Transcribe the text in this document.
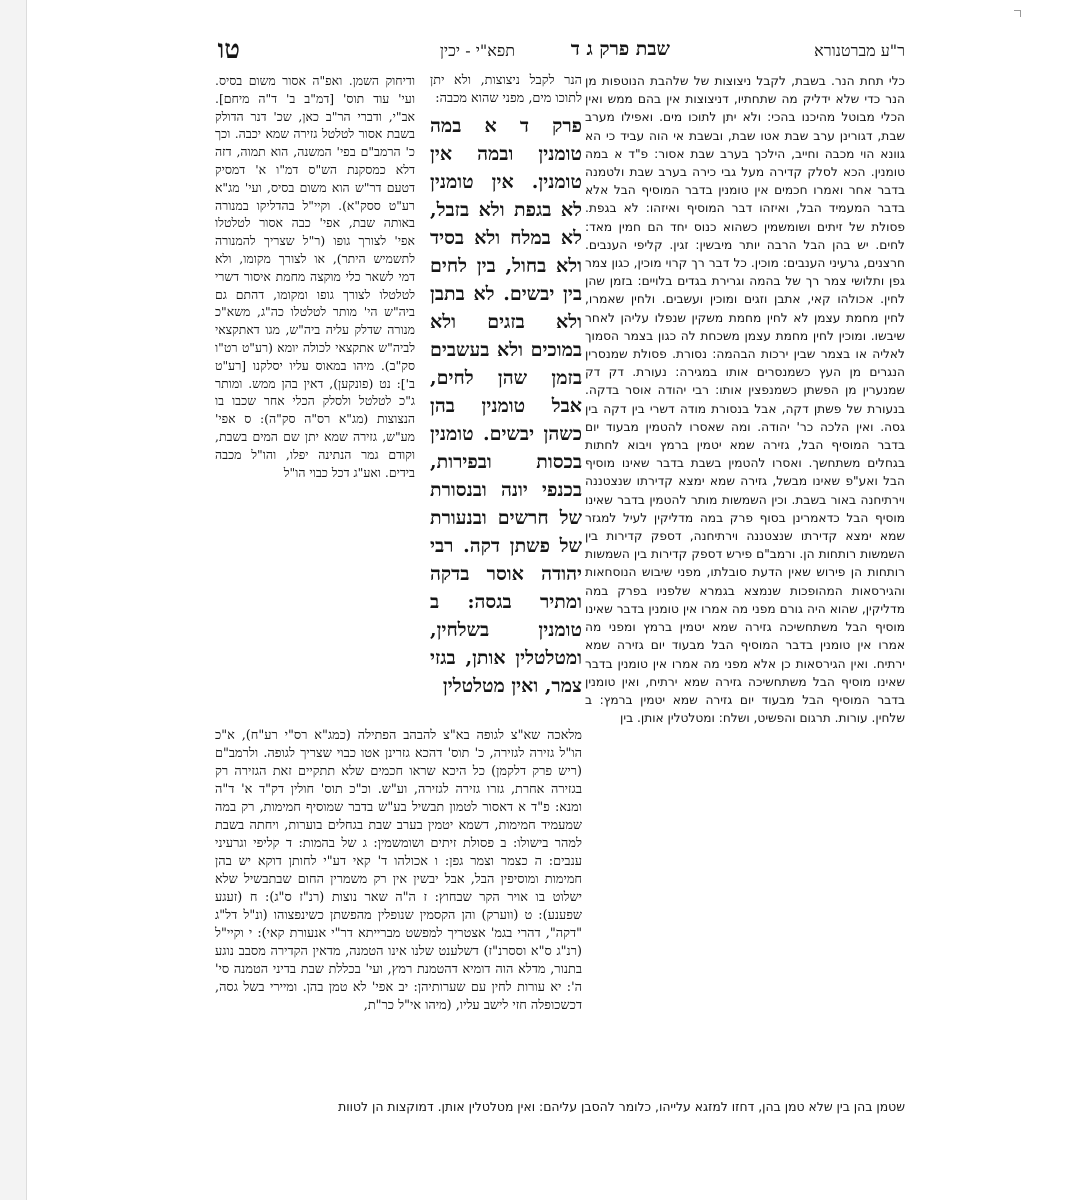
ר"ע מברטנורא
שבת פרק ג ד
תפא"י - יכין
טו

כלי תחת הנר. בשבת, לקבל ניצוצות של שלהבת הנוטפות מן הנר כדי שלא ידליק מה שתחתיו, דניצוצות אין בהם ממש ואין הכלי מבוטל מהיכנו בהכי: ולא יתן לתוכו מים. ואפילו מערב שבת, דגורינן ערב שבת אטו שבת, ובשבת אי הוה עביד כי הא גוונא הוי מכבה וחייב, הילכך בערב שבת אסור: פ"ד א במה טומנין. הכא לסלק קדירה מעל גבי כירה בערב שבת ולטמנה בדבר אחר ואמרו חכמים אין טומנין בדבר המוסיף הבל אלא בדבר המעמיד הבל, ואיזהו דבר המוסיף ואיזהו: לא בגפת. פסולת של זיתים ושומשמין כשהוא כנוס יחד הם חמין מאד: לחים. יש בהן הבל הרבה יותר מיבשין: זגין. קליפי הענבים. חרצנים, גרעיני הענבים: מוכין. כל דבר רך קרוי מוכין, כגון צמר גפן ותלושי צמר רך של בהמה וגרירת בגדים בלויים: בזמן שהן לחין. אכולהו קאי, אתבן וזגים ומוכין ועשבים. ולחין שאמרו, לחין מחמת עצמן לא לחין מחמת משקין שנפלו עליהן לאחר שיבשו. ומוכין לחין מחמת עצמן משכחת לה כגון בצמר הסמוך לאליה או בצמר שבין ירכות הבהמה: נסורת. פסולת שמנסרין הנגרים מן העץ כשמנסרים אותו במגירה: נעורת. דק דק שמנערין מן הפשתן כשמנפצין אותו: רבי יהודה אוסר בדקה. בנעורת של פשתן דקה, אבל בנסורת מודה דשרי בין דקה בין גסה. ואין הלכה כר' יהודה. ומה שאסרו להטמין מבעוד יום בדבר המוסיף הבל, גזירה שמא יטמין ברמץ ויבוא לחתות בגחלים משתחשך. ואסרו להטמין בשבת בדבר שאינו מוסיף הבל ואע"פ שאינו מבשל, גזירה שמא ימצא קדירתו שנצטננה וירתיחנה באור בשבת. וכין השמשות מותר להטמין בדבר שאינו מוסיף הבל כדאמרינן בסוף פרק במה מדליקין לעיל למגזר שמא ימצא קדירתו שנצטננה וירתיחנה, דספק קדירות בין השמשות רותחות הן. ורמב"ם פירש דספק קדירות בין השמשות רותחות הן פירוש שאין הדעת סובלתו, מפני שיבוש הנוסחאות והגירסאות המהופכות שנמצא בגמרא שלפניו בפרק במה מדליקין, שהוא היה גורם מפני מה אמרו אין טומנין בדבר שאינו מוסיף הבל משתחשיכה גזירה שמא יטמין ברמץ ומפני מה אמרו אין טומנין בדבר המוסיף הבל מבעוד יום גזירה שמא ירתיח. ואין הגירסאות כן אלא מפני מה אמרו אין טומנין בדבר שאינו מוסיף הבל משתחשיכה גזירה שמא ירתיח, ואין טומנין בדבר המוסיף הבל מבעוד יום גזירה שמא יטמין ברמץ: ב שלחין. עורות. תרגום והפשיט, ושלח: ומטלטלין אותן. בין

הנר לקבל ניצוצות, ולא יתן לתוכו מים, מפני שהוא מכבה:

פרק ד א במה טומנין ובמה אין טומנין. אין טומנין לא בגפת ולא בזבל, לא במלח ולא בסיד ולא בחול, בין לחים בין יבשים. לא בתבן ולא בזגים ולא במוכים ולא בעשבים בזמן שהן לחים, אבל טומנין בהן כשהן יבשים. טומנין בכסות ובפירות, בכנפי יונה ובנסורת של חרשים ובנעורת של פשתן דקה. רבי יהודה אוסר בדקה ומתיר בגסה: ב טומנין בשלחין, ומטלטלין אותן, בגזי צמר, ואין מטלטלין

ודיחוק השמן. ואפ"ה אסור משום בסיס. ועי' עוד תוס' [דמ"ב ב' ד"ה מיחם]. אב"י, ודברי הר"ב כאן, שכ' דנר הדולק בשבת אסור לטלטל גזירה שמא יכבה. וכך כ' הרמב"ם בפי' המשנה, הוא תמוה, דזה דלא כמסקנת הש"ס דמ"ו א' דמסיק דטעם דר"ש הוא משום בסיס, ועי' מג"א רע"ט ססק"א). וקיי"ל בהדליקו במנורה באותה שבת, אפי' כבה אסור לטלטלו אפי' לצורך גופו (ר"ל שצריך להמנורה לתשמיש היתר), או לצורך מקומו, ולא דמי לשאר כלי מוקצה מחמת איסור דשרי לטלטלו לצורך גופו ומקומו, דהתם גם ביה"ש הי' מותר לטלטלו כה"ג, משא"כ מנורה שדלק עליה ביה"ש, מגו דאתקצאי לביה"ש אתקצאי לכולה יומא (רע"ט רט"ו סק"ב). מיהו במאוס עליו יסלקנו [רע"ט ב']: נט (פונקען), דאין בהן ממש. ומותר ג"כ לטלטל ולסלק הכלי אחר שכבו בו הנצוצות (מג"א רס"ה סק"ה): ס אפי' מע"ש, גזירה שמא יתן שם המים בשבת, וקודם גמר הנתינה יפלו, והו"ל מכבה בידים. ואע"ג דכל כבוי הו"ל

מלאכה שא"צ לגופה בא"צ להבהב הפתילה (כמג"א רס"י רע"ח), א"כ הו"ל גזירה לגזירה, כ' תוס' דהכא גזרינן אטו כבוי שצריך לגופה. ולרמב"ם (ריש פרק דלקמן) כל היכא שראו חכמים שלא תתקיים זאת הגזירה רק בגזירה אחרת, גזרו גזירה לגזירה, וע"ש. וכ"כ תוס' חולין דק"ד א' ד"ה ומנא: פ"ד א דאסור לטמון תבשיל בע"ש בדבר שמוסיף חמימות, רק במה שמעמיד חמימות, דשמא יטמין בערב שבת בגחלים בוערות, ויחתה בשבת למהר בישולו: ב פסולת זיתים ושומשמין: ג של בהמות: ד קליפי וגרעיני ענבים: ה כצמר וצמר גפן: ו אכולהו ד' קאי דע"י לחותן דוקא יש בהן חמימות ומוסיפין הבל, אבל יבשין אין רק משמרין החום שבתבשיל שלא ישלוט בו אויר הקר שבחוץ: ז ה"ה שאר נוצות (רנ"ז ס"ג): ח (זעגע שפענע): ט (ווערק) והן הקסמין שנופלין מהפשתן כשינפצוהו (ונ"ל דל"ג "דקה", דהרי בגמ' אצטריך למפשט מברייתא דר"י אנעורת קאי): י וקיי"ל (רנ"ג ס"א וססרנ"ז) דשלענט שלנו אינו הטמנה, מדאין הקדירה מסבב נוגע בתנור, מדלא הוה דומיא דהטמנת רמץ, ועי' בכללת שבת בדיני הטמנה סי' ה': יא עורות לחין עם שערותיהן: יב אפי' לא טמן בהן. ומיירי בשל גסה, דכשכופלה חזי לישב עליו, (מיהו אי"ל כר"ת,

שטמן בהן בין שלא טמן בהן, דחזו למזגא עלייהו, כלומר להסבן עליהם: ואין מטלטלין אותן. דמוקצות הן לטוות
